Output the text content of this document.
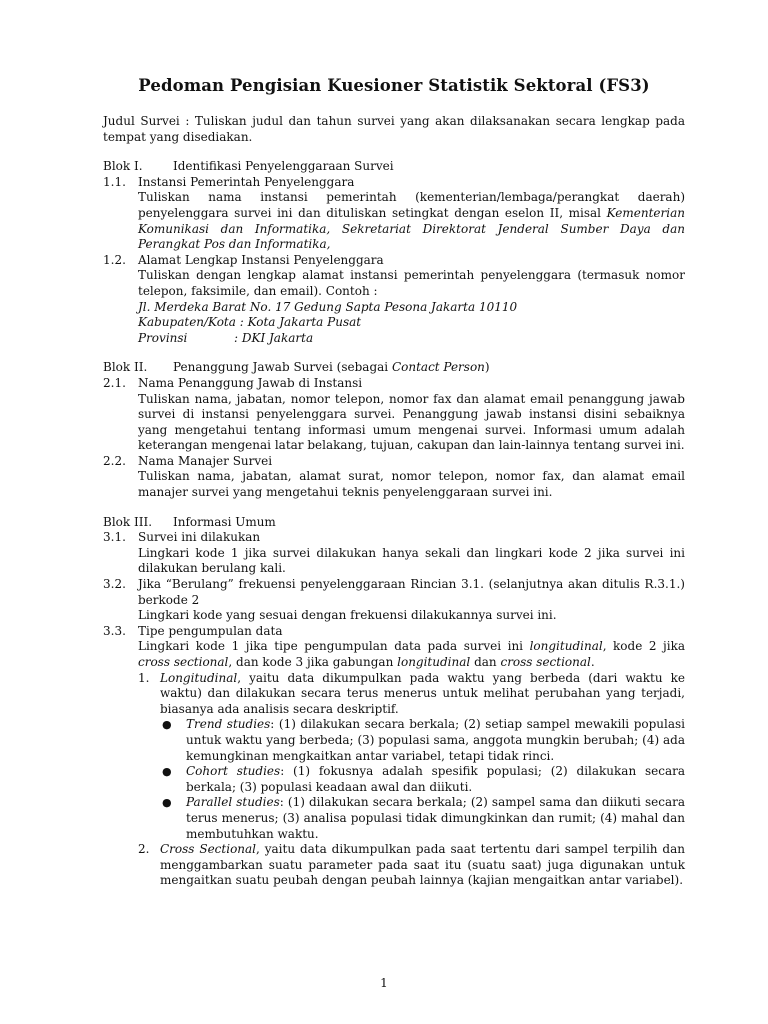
Pedoman Pengisian Kuesioner Statistik Sektoral (FS3)

Judul Survei : Tuliskan judul dan tahun survei yang akan dilaksanakan secara lengkap pada tempat yang disediakan.

Blok I.	Identifikasi Penyelenggaraan Survei
1.1.	Instansi Pemerintah Penyelenggara

Tuliskan nama instansi pemerintah (kementerian/lembaga/perangkat daerah) penyelenggara survei ini dan dituliskan setingkat dengan eselon II, misal Kementerian Komunikasi dan Informatika, Sekretariat Direktorat Jenderal Sumber Daya dan Perangkat Pos dan Informatika,

1.2.	Alamat Lengkap Instansi Penyelenggara

Tuliskan dengan lengkap alamat instansi pemerintah penyelenggara (termasuk nomor telepon, faksimile, dan email). Contoh :

Jl. Merdeka Barat No. 17 Gedung Sapta Pesona Jakarta 10110

Kabupaten/Kota : Kota Jakarta Pusat

Provinsi	: DKI Jakarta

Blok II.	Penanggung Jawab Survei (sebagai Contact Person)
2.1.	Nama Penanggung Jawab di Instansi

Tuliskan nama, jabatan, nomor telepon, nomor fax dan alamat email penanggung jawab survei di instansi penyelenggara survei. Penanggung jawab instansi disini sebaiknya yang mengetahui tentang informasi umum mengenai survei. Informasi umum adalah keterangan mengenai latar belakang, tujuan, cakupan dan lain-lainnya tentang survei ini.

2.2.	Nama Manajer Survei

Tuliskan nama, jabatan, alamat surat, nomor telepon, nomor fax, dan alamat email manajer survei yang mengetahui teknis penyelenggaraan survei ini.

Blok III.	Informasi Umum
3.1.	Survei ini dilakukan

Lingkari kode 1 jika survei dilakukan hanya sekali dan lingkari kode 2 jika survei ini dilakukan berulang kali.

3.2.	Jika “Berulang” frekuensi penyelenggaraan Rincian 3.1. (selanjutnya akan ditulis R.3.1.) berkode 2

Lingkari kode yang sesuai dengan frekuensi dilakukannya survei ini.

3.3.	Tipe pengumpulan data

Lingkari kode 1 jika tipe pengumpulan data pada survei ini longitudinal, kode 2 jika cross sectional, dan kode 3 jika gabungan longitudinal dan cross sectional.

1. Longitudinal, yaitu data dikumpulkan pada waktu yang berbeda (dari waktu ke waktu) dan dilakukan secara terus menerus untuk melihat perubahan yang terjadi, biasanya ada analisis secara deskriptif.

●	Trend studies: (1) dilakukan secara berkala; (2) setiap sampel mewakili populasi untuk waktu yang berbeda; (3) populasi sama, anggota mungkin berubah; (4) ada kemungkinan mengkaitkan antar variabel, tetapi tidak rinci.

●	Cohort studies: (1) fokusnya adalah spesifik populasi; (2) dilakukan secara berkala; (3) populasi keadaan awal dan diikuti.

●	Parallel studies: (1) dilakukan secara berkala; (2) sampel sama dan diikuti secara terus menerus; (3) analisa populasi tidak dimungkinkan dan rumit; (4) mahal dan membutuhkan waktu.

2. Cross Sectional, yaitu data dikumpulkan pada saat tertentu dari sampel terpilih dan menggambarkan suatu parameter pada saat itu (suatu saat) juga digunakan untuk mengaitkan suatu peubah dengan peubah lainnya (kajian mengaitkan antar variabel).

1
